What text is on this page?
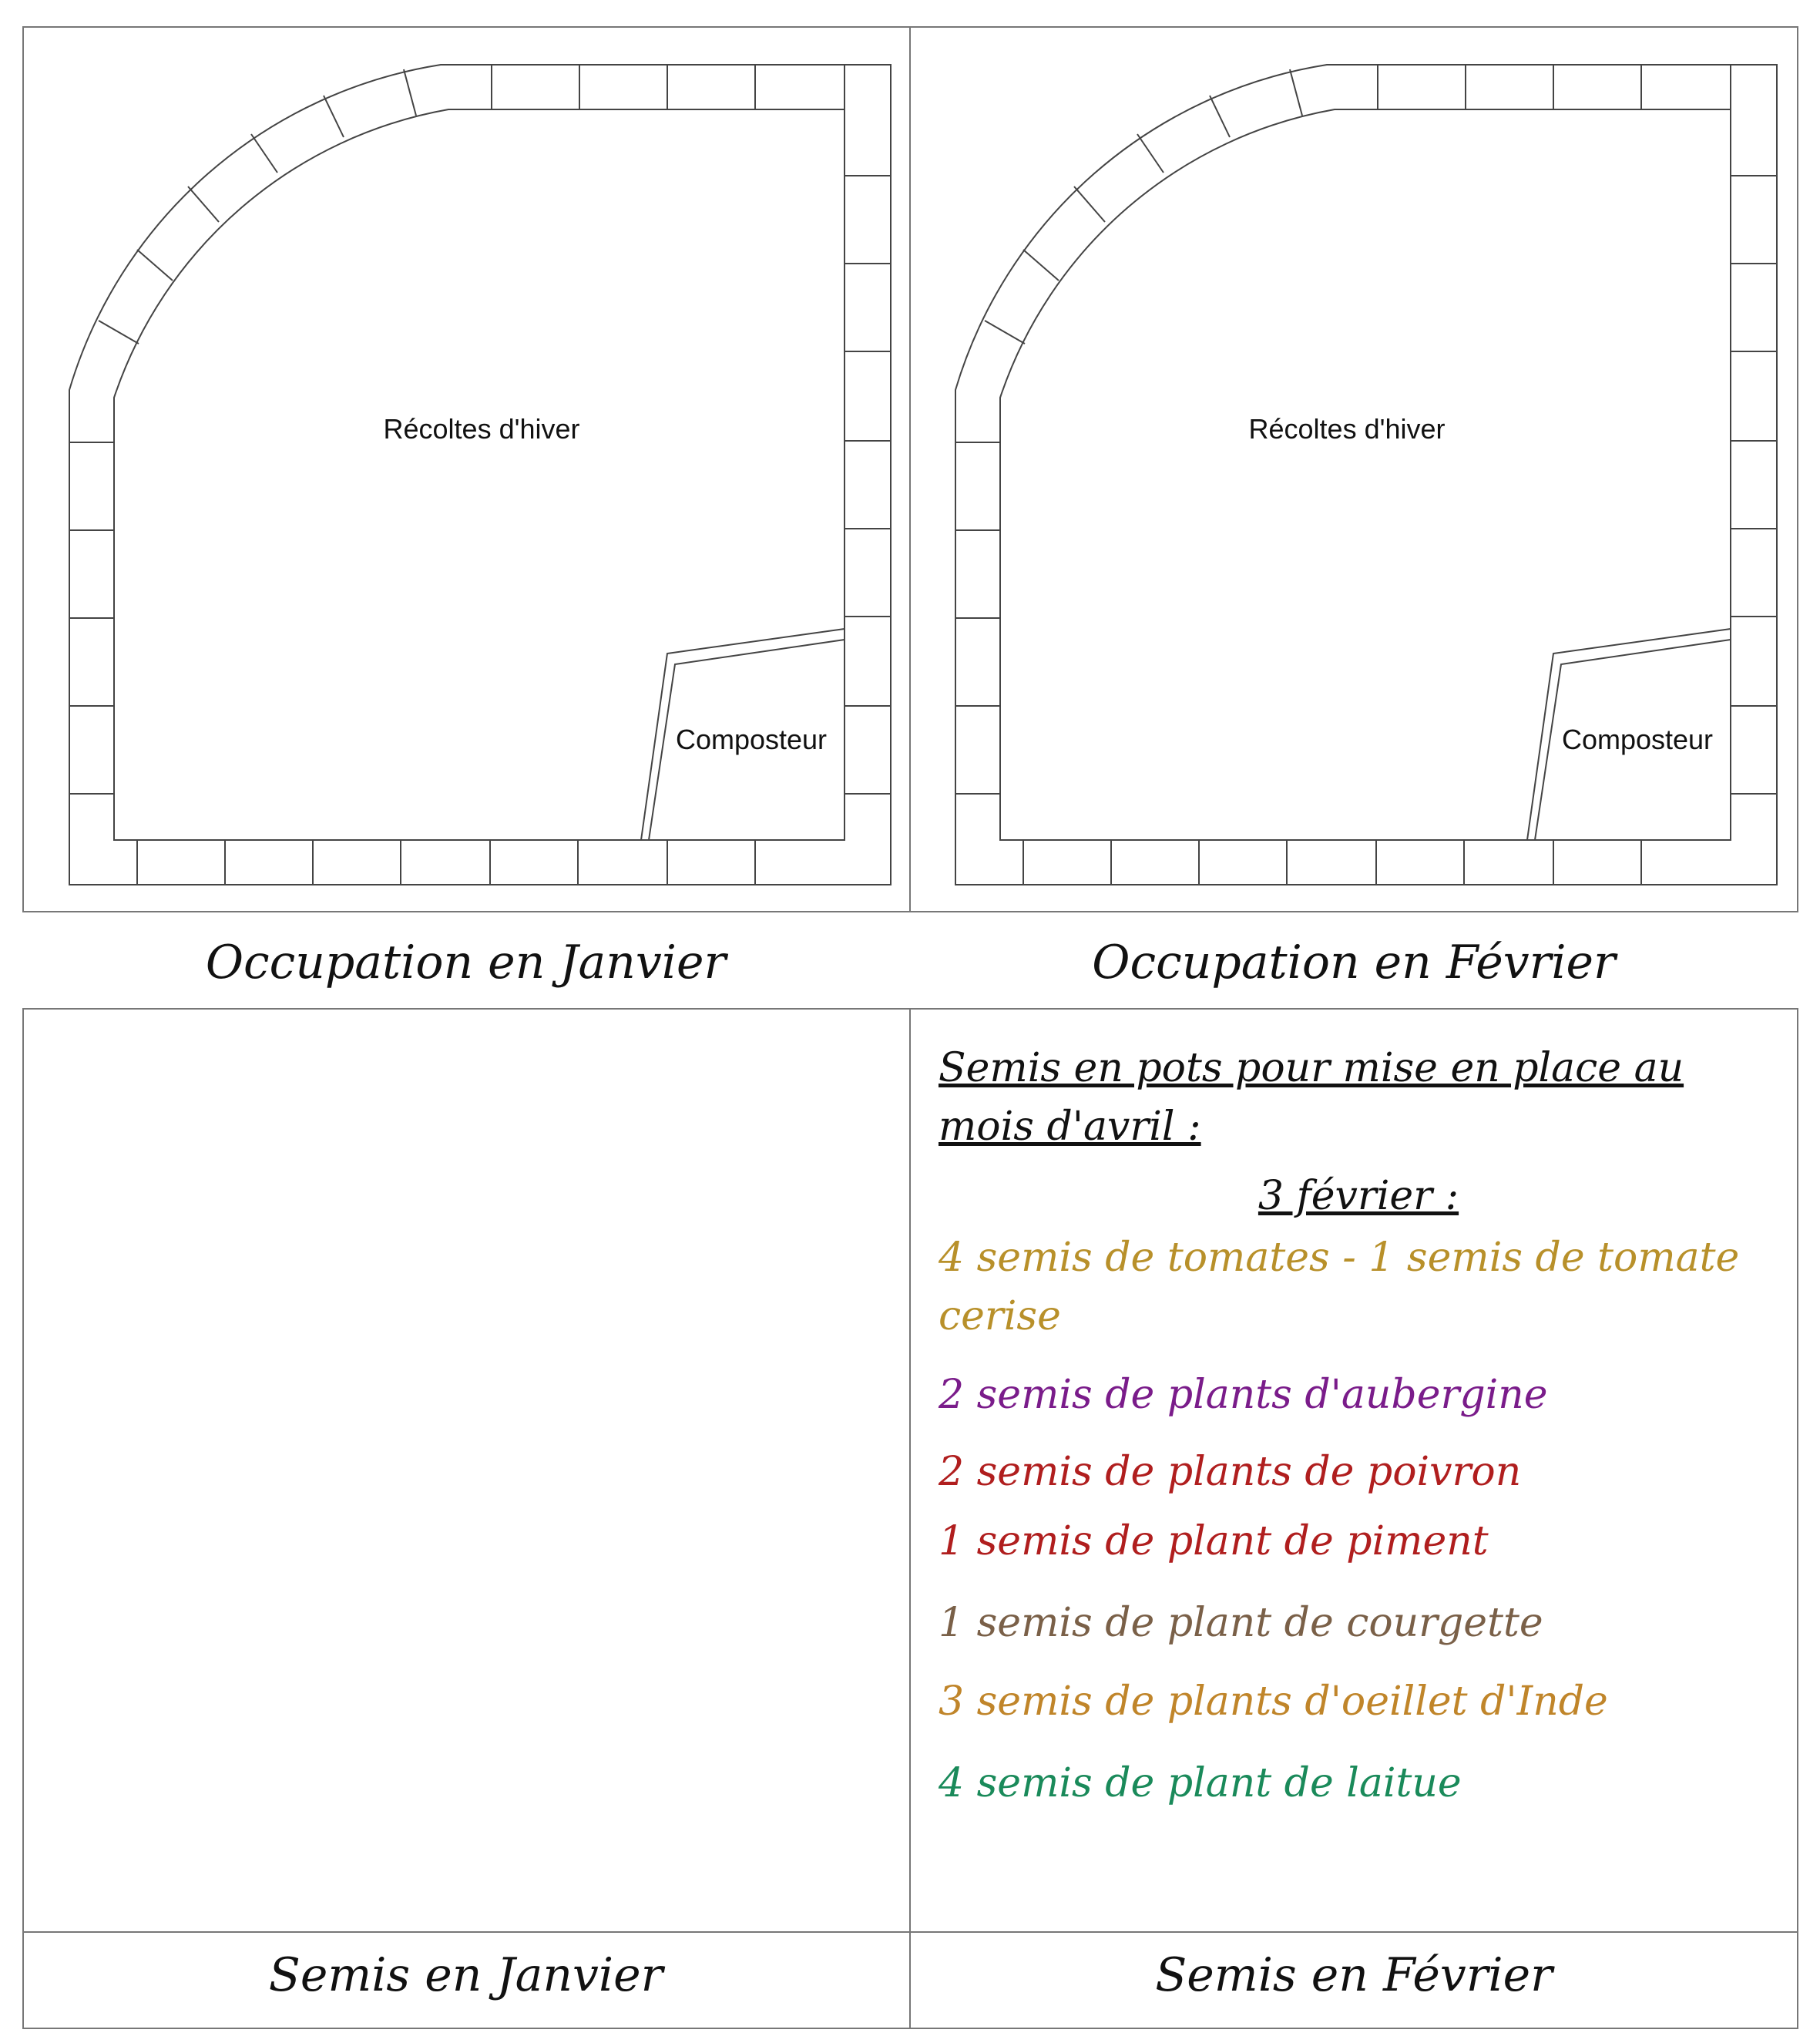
Récoltes d'hiver
Composteur
Récoltes d'hiver
Composteur
Occupation en Janvier	Occupation en Février
Semis en Janvier	Semis en Février

Semis en pots pour mise en place au

mois d'avril :

3 février :

4 semis de tomates - 1 semis de tomate cerise

2 semis de plants d'aubergine

2 semis de plants de poivron

1 semis de plant de piment

1 semis de plant de courgette

3 semis de plants d'oeillet d'Inde

4 semis de plant de laitue
